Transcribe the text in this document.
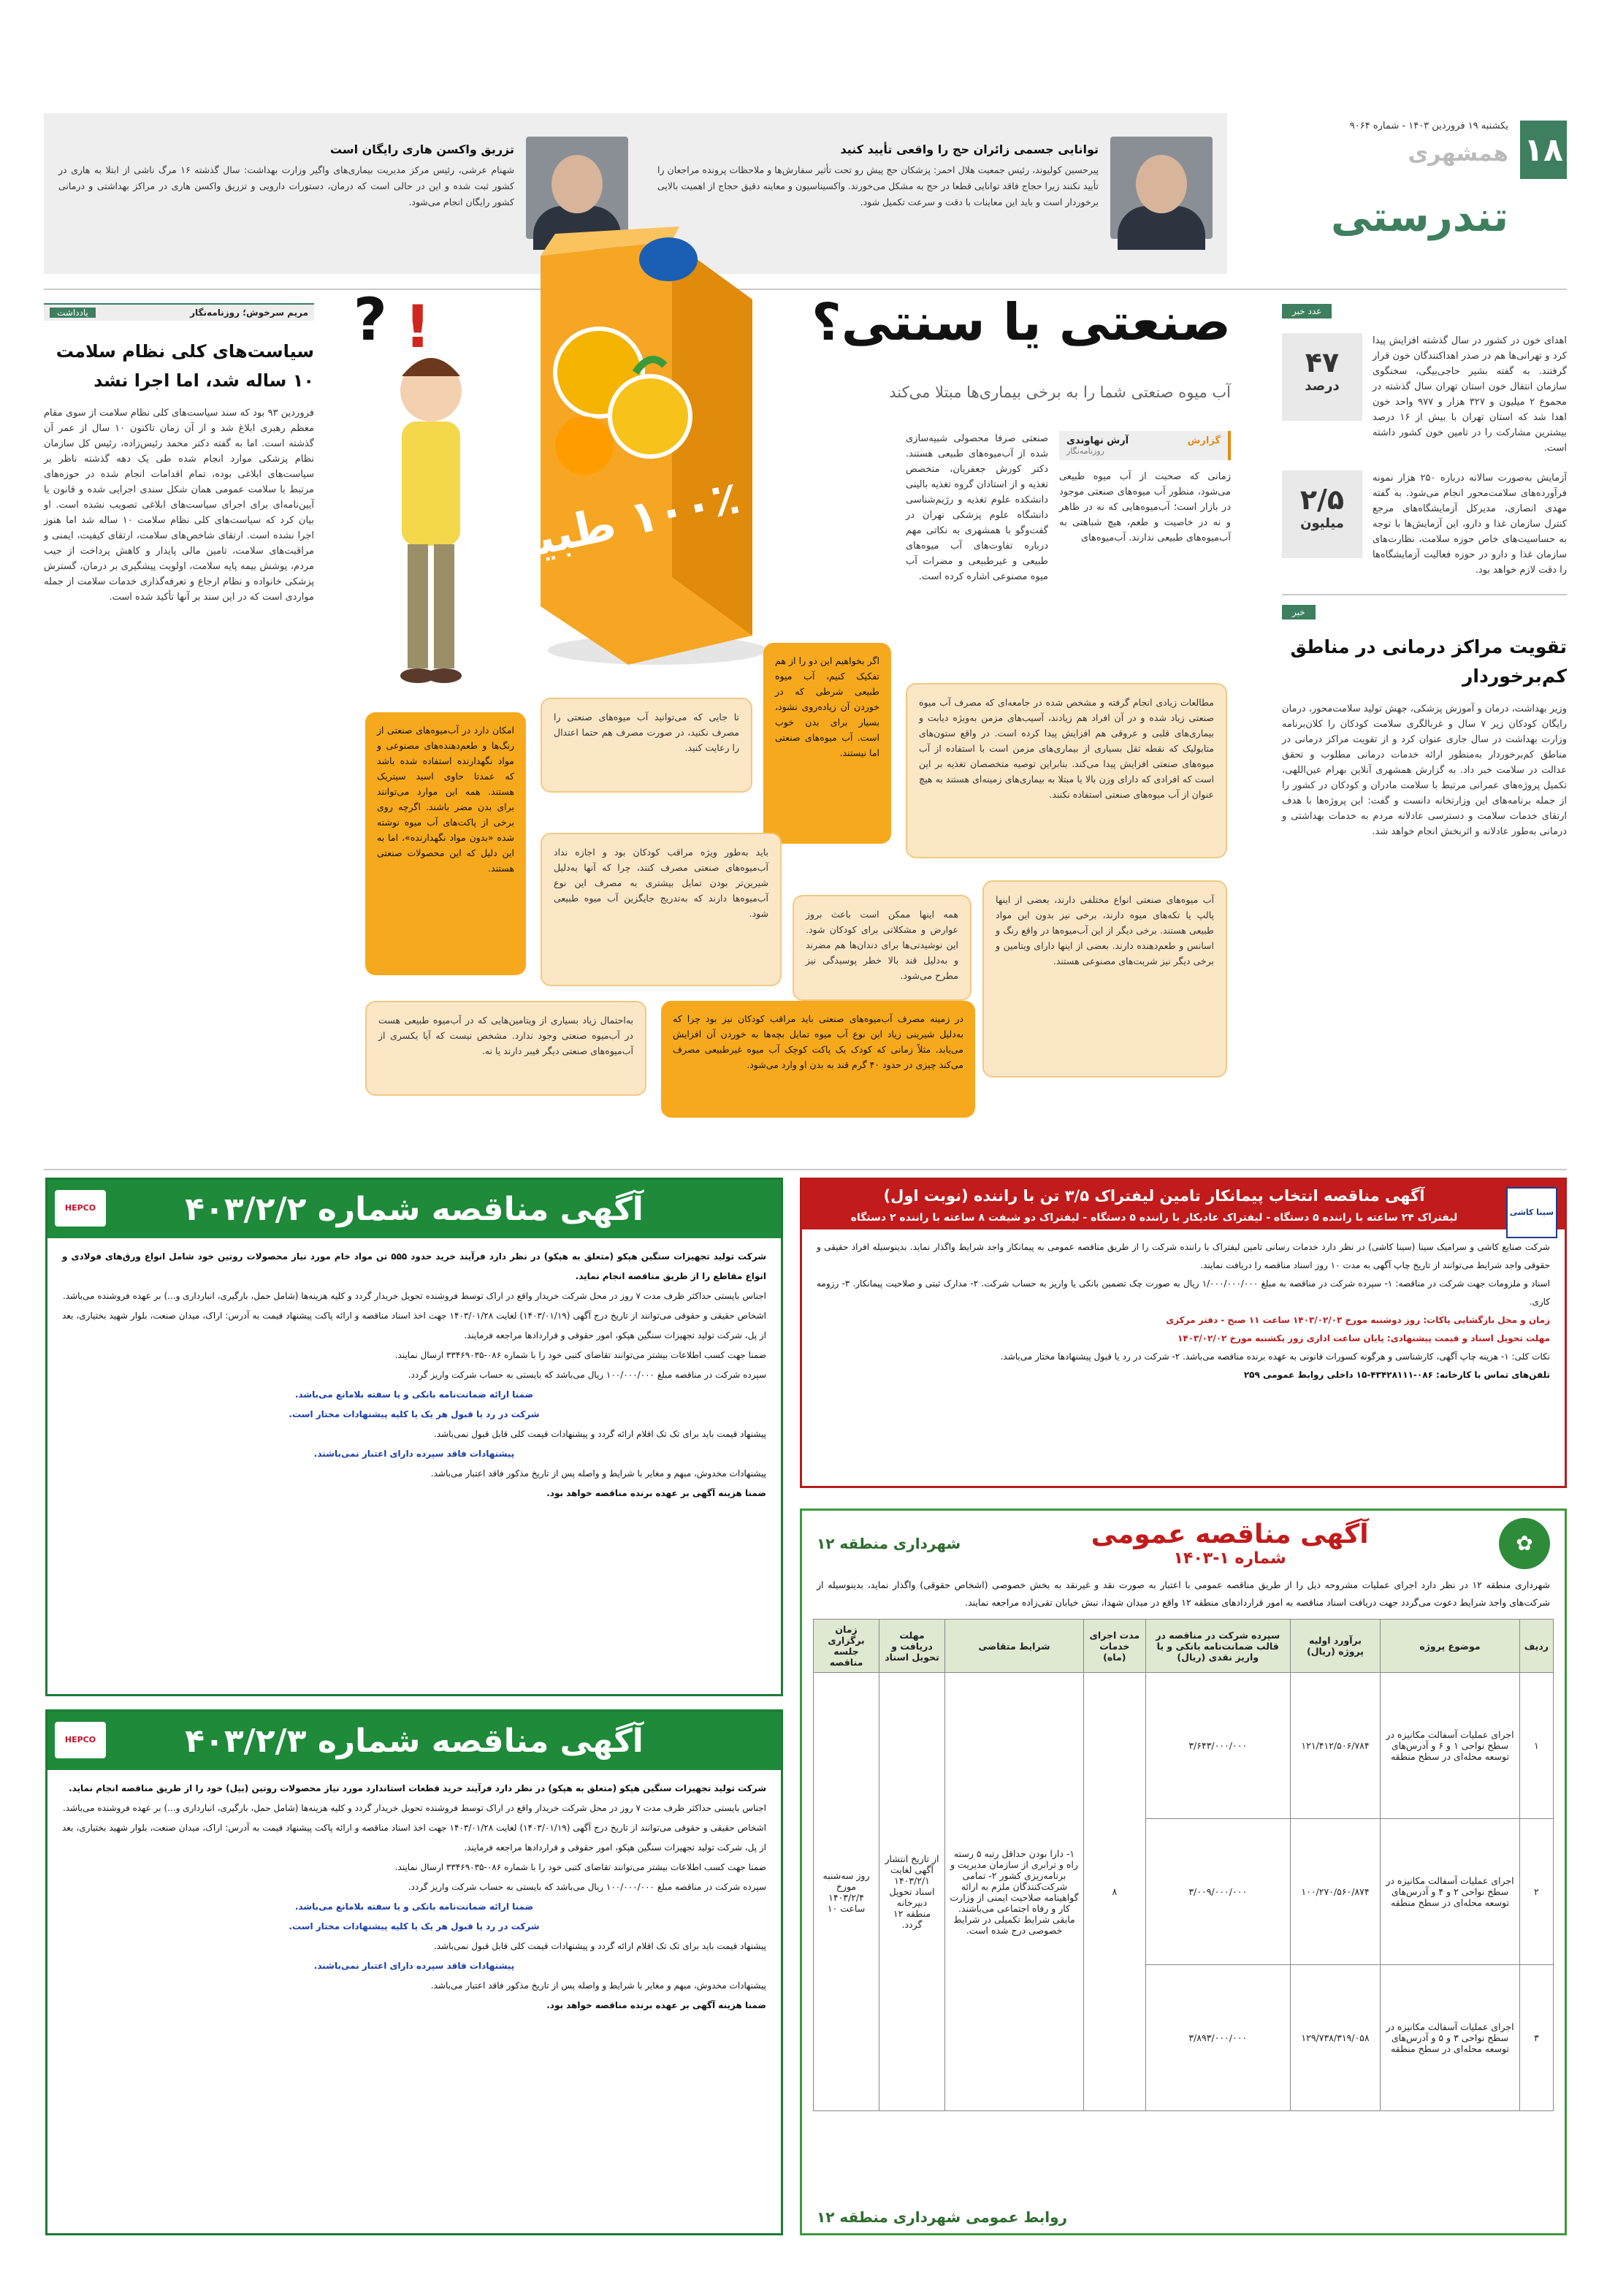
۱۸
یکشنبه ۱۹ فروردین ۱۴۰۳ - شماره ۹۰۶۴
همشهری
تندرستی
توانایی جسمی زائران حج را واقعی تأیید کنید
پیرحسین کولیوند، رئیس جمعیت هلال احمر: پزشکان حج پیش رو تحت تأثیر سفارش‌ها و ملاحظات پرونده مراجعان را تأیید نکنند زیرا حجاج فاقد توانایی قطعا در حج به مشکل می‌خورند. واکسیناسیون و معاینه دقیق حجاج از اهمیت بالایی برخوردار است و باید این معاینات با دقت و سرعت تکمیل شود.
تزریق واکسن هاری رایگان است
شهنام عرشی، رئیس مرکز مدیریت بیماری‌های واگیر وزارت بهداشت: سال گذشته ۱۶ مرگ ناشی از ابتلا به هاری در کشور ثبت شده و این در حالی است که درمان، دستورات دارویی و تزریق واکسن هاری در مراکز بهداشتی و درمانی کشور رایگان انجام می‌شود.
عدد خبر
اهدای خون در کشور در سال گذشته افزایش پیدا کرد و تهرانی‌ها هم در صدر اهداکنندگان خون قرار گرفتند. به گفته بشیر حاجی‌بیگی، سخنگوی سازمان انتقال خون استان تهران سال گذشته در مجموع ۲ میلیون و ۳۲۷ هزار و ۹۷۷ واحد خون اهدا شد که استان تهران با بیش از ۱۶ درصد بیشترین مشارکت را در تامین خون کشور داشته است.
۴۷
درصد
آزمایش به‌صورت سالانه درباره ۲۵۰ هزار نمونه فرآورده‌های سلامت‌محور انجام می‌شود. به گفته مهدی انصاری، مدیرکل آزمایشگاه‌های مرجع کنترل سازمان غذا و دارو، این آزمایش‌ها با توجه به حساسیت‌های خاص حوزه سلامت، نظارت‌های سازمان غذا و دارو در حوزه فعالیت آزمایشگاه‌ها را دقت لازم خواهد بود.
۲/۵
میلیون
خبر
تقویت مراکز درمانی در مناطق کم‌برخوردار
وزیر بهداشت، درمان و آموزش پزشکی، جهش تولید سلامت‌محور، درمان رایگان کودکان زیر ۷ سال و غربالگری سلامت کودکان را کلان‌برنامه وزارت بهداشت در سال جاری عنوان کرد و از تقویت مراکز درمانی در مناطق کم‌برخوردار به‌منظور ارائه خدمات درمانی مطلوب و تحقق عدالت در سلامت خبر داد. به گزارش همشهری آنلاین بهرام عین‌اللهی، تکمیل پروژه‌های عمرانی مرتبط با سلامت مادران و کودکان در کشور را از جمله برنامه‌های این وزارتخانه دانست و گفت: این پروژه‌ها با هدف ارتقای خدمات سلامت و دسترسی عادلانه مردم به خدمات بهداشتی و درمانی به‌طور عادلانه و اثربخش انجام خواهد شد.
مریم سرخوش؛ روزنامه‌نگار
یادداشت
سیاست‌های کلی نظام سلامت ۱۰ ساله شد، اما اجرا نشد
فروردین ۹۳ بود که سند سیاست‌های کلی نظام سلامت از سوی مقام معظم رهبری ابلاغ شد و از آن زمان تاکنون ۱۰ سال از عمر آن گذشته است. اما به گفته دکتر محمد رئیس‌زاده، رئیس کل سازمان نظام پزشکی موارد انجام شده طی یک دهه گذشته ناظر بر سیاست‌های ابلاغی بوده، تمام اقدامات انجام شده در حوزه‌های مرتبط با سلامت عمومی همان شکل سندی اجرایی شده و قانون یا آیین‌نامه‌ای برای اجرای سیاست‌های ابلاغی تصویب نشده است. او بیان کرد که سیاست‌های کلی نظام سلامت ۱۰ ساله شد اما هنوز اجرا نشده است. ارتقای شاخص‌های سلامت، ارتقای کیفیت، ایمنی و مراقبت‌های سلامت، تامین مالی پایدار و کاهش پرداخت از جیب مردم، پوشش بیمه پایه سلامت، اولویت پیشگیری بر درمان، گسترش پزشکی خانواده و نظام ارجاع و تعرفه‌گذاری خدمات سلامت از جمله مواردی است که در این سند بر آنها تأکید شده است.
صنعتی یا سنتی؟
آب میوه صنعتی شما را به برخی بیماری‌ها مبتلا می‌کند
گزارش
آرش نهاوندی
روزنامه‌نگار
زمانی که صحبت از آب میوه طبیعی می‌شود، منظور آب میوه‌های صنعتی موجود در بازار است؛ آب‌میوه‌هایی که نه در ظاهر و نه در خاصیت و طعم، هیچ شباهتی به آب‌میوه‌های طبیعی ندارند. آب‌میوه‌های
صنعتی صرفا محصولی شبیه‌سازی شده از آب‌میوه‌های طبیعی هستند. دکتر کورش جعفریان، متخصص تغذیه و از استادان گروه تغذیه بالینی دانشکده علوم تغذیه و رژیم‌شناسی دانشگاه علوم پزشکی تهران در گفت‌وگو با همشهری به نکاتی مهم درباره تفاوت‌های آب میوه‌های طبیعی و غیرطبیعی و مضرات آب میوه مصنوعی اشاره کرده است.
۱۰۰٪ طبیعی
? !
مطالعات زیادی انجام گرفته و مشخص شده در جامعه‌ای که مصرف آب میوه صنعتی زیاد شده و در آن افراد هم زیادند، آسیب‌های مزمن به‌ویژه دیابت و بیماری‌های قلبی و عروقی هم افزایش پیدا کرده است. در واقع ستون‌های متابولیک که نقطه ثقل بسیاری از بیماری‌های مزمن است با استفاده از آب میوه‌های صنعتی افزایش پیدا می‌کند. بنابراین توصیه متخصصان تغذیه بر این است که افرادی که دارای وزن بالا یا مبتلا به بیماری‌های زمینه‌ای هستند به هیچ عنوان از آب میوه‌های صنعتی استفاده نکنند.
اگر بخواهیم این دو را از هم تفکیک کنیم، آب میوه طبیعی شرطی که در خوردن آن زیاده‌روی نشود، بسیار برای بدن خوب است. آب میوه‌های صنعتی اما نیستند.
تا جایی که می‌توانید آب میوه‌های صنعتی را مصرف نکنید، در صورت مصرف هم حتما اعتدال را رعایت کنید.
امکان دارد در آب‌میوه‌های صنعتی از رنگ‌ها و طعم‌دهنده‌های مصنوعی و مواد نگهدارنده استفاده شده باشد که عمدتا حاوی اسید سیتریک هستند. همه این موارد می‌توانند برای بدن مضر باشند. اگرچه روی برخی از پاکت‌های آب میوه نوشته شده «بدون مواد نگهدارنده»، اما به این دلیل که این محصولات صنعتی هستند.
آب میوه‌های صنعتی انواع مختلفی دارند، بعضی از اینها پالپ یا تکه‌های میوه دارند، برخی نیز بدون این مواد طبیعی هستند. برخی دیگر از این آب‌میوه‌ها در واقع رنگ و اسانس و طعم‌دهنده دارند. بعضی از اینها دارای ویتامین و برخی دیگر نیز شربت‌های مصنوعی هستند.
همه اینها ممکن است باعث بروز عوارض و مشکلاتی برای کودکان شود. این نوشیدنی‌ها برای دندان‌ها هم مضرند و به‌دلیل قند بالا خطر پوسیدگی نیز مطرح می‌شود.
باید به‌طور ویژه مراقب کودکان بود و اجازه نداد آب‌میوه‌های صنعتی مصرف کنند، چرا که آنها به‌دلیل شیرین‌تر بودن تمایل بیشتری به مصرف این نوع آب‌میوه‌ها دارند که به‌تدریج جایگزین آب میوه طبیعی شود.
در زمینه مصرف آب‌میوه‌های صنعتی باید مراقب کودکان نیز بود چرا که به‌دلیل شیرینی زیاد این نوع آب میوه تمایل بچه‌ها به خوردن آن افزایش می‌یابد. مثلاً زمانی که کودک یک پاکت کوچک آب میوه غیرطبیعی مصرف می‌کند چیزی در حدود ۴۰ گرم قند به بدن او وارد می‌شود.
به‌احتمال زیاد بسیاری از ویتامین‌هایی که در آب‌میوه طبیعی هست در آب‌میوه صنعتی وجود ندارد. مشخص نیست که آیا یکسری از آب‌میوه‌های صنعتی دیگر فیبر دارند یا نه.
آگهی مناقصه شماره ۴۰۳/۲/۲
HEPCO
شرکت تولید تجهیزات سنگین هپکو (متعلق به هپکو) در نظر دارد فرآیند خرید حدود ۵۵۵ تن مواد خام مورد نیاز محصولات روتین خود شامل انواع ورق‌های فولادی و انواع مقاطع را از طریق مناقصه انجام نماید.
اجناس بایستی حداکثر ظرف مدت ۷ روز در محل شرکت خریدار واقع در اراک توسط فروشنده تحویل خریدار گردد و کلیه هزینه‌ها (شامل حمل، بارگیری، انبارداری و...) بر عهده فروشنده می‌باشد.
اشخاص حقیقی و حقوقی می‌توانند از تاریخ درج آگهی (۱۴۰۳/۰۱/۱۹) لغایت ۱۴۰۳/۰۱/۲۸ جهت اخذ اسناد مناقصه و ارائه پاکت پیشنهاد قیمت به آدرس: اراک، میدان صنعت، بلوار شهید بختیاری، بعد از پل، شرکت تولید تجهیزات سنگین هپکو، امور حقوقی و قراردادها مراجعه فرمایند.
ضمنا جهت کسب اطلاعات بیشتر می‌توانند تقاضای کتبی خود را با شماره ۰۸۶-۳۳۴۶۹۰۳۵ ارسال نمایند.
سپرده شرکت در مناقصه مبلغ ۱۰۰/۰۰۰/۰۰۰ ریال می‌باشد که بایستی به حساب شرکت واریز گردد.
ضمنا ارائه ضمانت‌نامه بانکی و یا سفته بلامانع می‌باشد.
شرکت در رد یا قبول هر یک یا کلیه پیشنهادات مختار است.
پیشنهاد قیمت باید برای تک تک اقلام ارائه گردد و پیشنهادات قیمت کلی قابل قبول نمی‌باشد.
پیشنهادات فاقد سپرده دارای اعتبار نمی‌باشند.
پیشنهادات مخدوش، مبهم و مغایر با شرایط و واصله پس از تاریخ مذکور فاقد اعتبار می‌باشد.
ضمنا هزینه آگهی بر عهده برنده مناقصه خواهد بود.
آگهی مناقصه شماره ۴۰۳/۲/۳
HEPCO
شرکت تولید تجهیزات سنگین هپکو (متعلق به هپکو) در نظر دارد فرآیند خرید قطعات استاندارد مورد نیاز محصولات روتین (بیل) خود را از طریق مناقصه انجام نماید.
اجناس بایستی حداکثر ظرف مدت ۷ روز در محل شرکت خریدار واقع در اراک توسط فروشنده تحویل خریدار گردد و کلیه هزینه‌ها (شامل حمل، بارگیری، انبارداری و...) بر عهده فروشنده می‌باشد.
اشخاص حقیقی و حقوقی می‌توانند از تاریخ درج آگهی (۱۴۰۳/۰۱/۱۹) لغایت ۱۴۰۳/۰۱/۲۸ جهت اخذ اسناد مناقصه و ارائه پاکت پیشنهاد قیمت به آدرس: اراک، میدان صنعت، بلوار شهید بختیاری، بعد از پل، شرکت تولید تجهیزات سنگین هپکو، امور حقوقی و قراردادها مراجعه فرمایند.
ضمنا جهت کسب اطلاعات بیشتر می‌توانند تقاضای کتبی خود را با شماره ۰۸۶-۳۳۴۶۹۰۳۵ ارسال نمایند.
سپرده شرکت در مناقصه مبلغ ۱۰۰/۰۰۰/۰۰۰ ریال می‌باشد که بایستی به حساب شرکت واریز گردد.
ضمنا ارائه ضمانت‌نامه بانکی و یا سفته بلامانع می‌باشد.
شرکت در رد یا قبول هر یک یا کلیه پیشنهادات مختار است.
پیشنهاد قیمت باید برای تک تک اقلام ارائه گردد و پیشنهادات قیمت کلی قابل قبول نمی‌باشد.
پیشنهادات فاقد سپرده دارای اعتبار نمی‌باشند.
پیشنهادات مخدوش، مبهم و مغایر با شرایط و واصله پس از تاریخ مذکور فاقد اعتبار می‌باشد.
ضمنا هزینه آگهی بر عهده برنده مناقصه خواهد بود.
آگهی مناقصه انتخاب پیمانکار تامین لیفتراک ۳/۵ تن با راننده (نوبت اول)
لیفتراک ۲۴ ساعته با راننده ۵ دستگاه - لیفتراک عادیکار با راننده ۵ دستگاه - لیفتراک دو شیفت ۸ ساعته با راننده ۲ دستگاه	سینا کاشی
شرکت صنایع کاشی و سرامیک سینا (سینا کاشی) در نظر دارد خدمات رسانی تامین لیفتراک با راننده شرکت را از طریق مناقصه عمومی به پیمانکار واجد شرایط واگذار نماید. بدینوسیله افراد حقیقی و حقوقی واجد شرایط می‌توانند از تاریخ چاپ آگهی به مدت ۱۰ روز اسناد مناقصه را دریافت نمایند.
اسناد و ملزومات جهت شرکت در مناقصه: ۱- سپرده شرکت در مناقصه به مبلغ ۱/۰۰۰/۰۰۰/۰۰۰ ریال به صورت چک تضمین بانکی یا واریز به حساب شرکت. ۲- مدارک ثبتی و صلاحیت پیمانکار. ۳- رزومه کاری.
زمان و محل بازگشایی پاکات: روز دوشنبه مورخ ۱۴۰۳/۰۲/۰۳ ساعت ۱۱ صبح - دفتر مرکزی
مهلت تحویل اسناد و قیمت پیشنهادی: پایان ساعت اداری روز یکشنبه مورخ ۱۴۰۳/۰۲/۰۲
نکات کلی: ۱- هزینه چاپ آگهی، کارشناسی و هرگونه کسورات قانونی به عهده برنده مناقصه می‌باشد. ۲- شرکت در رد یا قبول پیشنهادها مختار می‌باشد.
تلفن‌های تماس با کارخانه: ۰۸۶-۴۳۴۲۸۱۱۱-۱۵ داخلی روابط عمومی ۲۵۹
✿
آگهی مناقصه عمومی
شماره ۱-۱۴۰۳
شهرداری منطقه ۱۲
شهرداری منطقه ۱۲ در نظر دارد اجرای عملیات مشروحه ذیل را از طریق مناقصه عمومی با اعتبار به صورت نقد و غیرنقد به بخش خصوصی (اشخاص حقوقی) واگذار نماید، بدینوسیله از شرکت‌های واجد شرایط دعوت می‌گردد جهت دریافت اسناد مناقصه به امور قراردادهای منطقه ۱۲ واقع در میدان شهدا، نبش خیابان تقی‌زاده مراجعه نمایند.
ردیف	موضوع پروژه	برآورد اولیه پروژه (ریال)	سپرده شرکت در مناقصه در قالب ضمانت‌نامه بانکی و یا واریز نقدی (ریال)	مدت اجرای خدمات (ماه)	شرایط متقاضی	مهلت دریافت و تحویل اسناد	زمان برگزاری جلسه مناقصه
۱	اجرای عملیات آسفالت مکانیزه در سطح نواحی ۱ و ۶ و آدرس‌های توسعه محله‌ای در سطح منطقه	۱۲۱/۴۱۲/۵۰۶/۷۸۴	۳/۶۴۳/۰۰۰/۰۰۰	۸	۱- دارا بودن حداقل رتبه ۵ رسته راه و ترابری از سازمان مدیریت و برنامه‌ریزی کشور ۲- تمامی شرکت‌کنندگان ملزم به ارائه گواهینامه صلاحیت ایمنی از وزارت کار و رفاه اجتماعی می‌باشند. مابقی شرایط تکمیلی در شرایط خصوصی درج شده است.	از تاریخ انتشار آگهی لغایت ۱۴۰۳/۲/۱ اسناد تحویل دبیرخانه منطقه ۱۲ گردد.	روز سه‌شنبه مورخ ۱۴۰۳/۲/۴ ساعت ۱۰
۲	اجرای عملیات آسفالت مکانیزه در سطح نواحی ۲ و ۴ و آدرس‌های توسعه محله‌ای در سطح منطقه	۱۰۰/۲۷۰/۵۶۰/۸۷۴	۳/۰۰۹/۰۰۰/۰۰۰				
۳	اجرای عملیات آسفالت مکانیزه در سطح نواحی ۳ و ۵ و آدرس‌های توسعه محله‌ای در سطح منطقه	۱۲۹/۷۳۸/۳۱۹/۰۵۸	۳/۸۹۳/۰۰۰/۰۰۰				
روابط عمومی شهرداری منطقه ۱۲
